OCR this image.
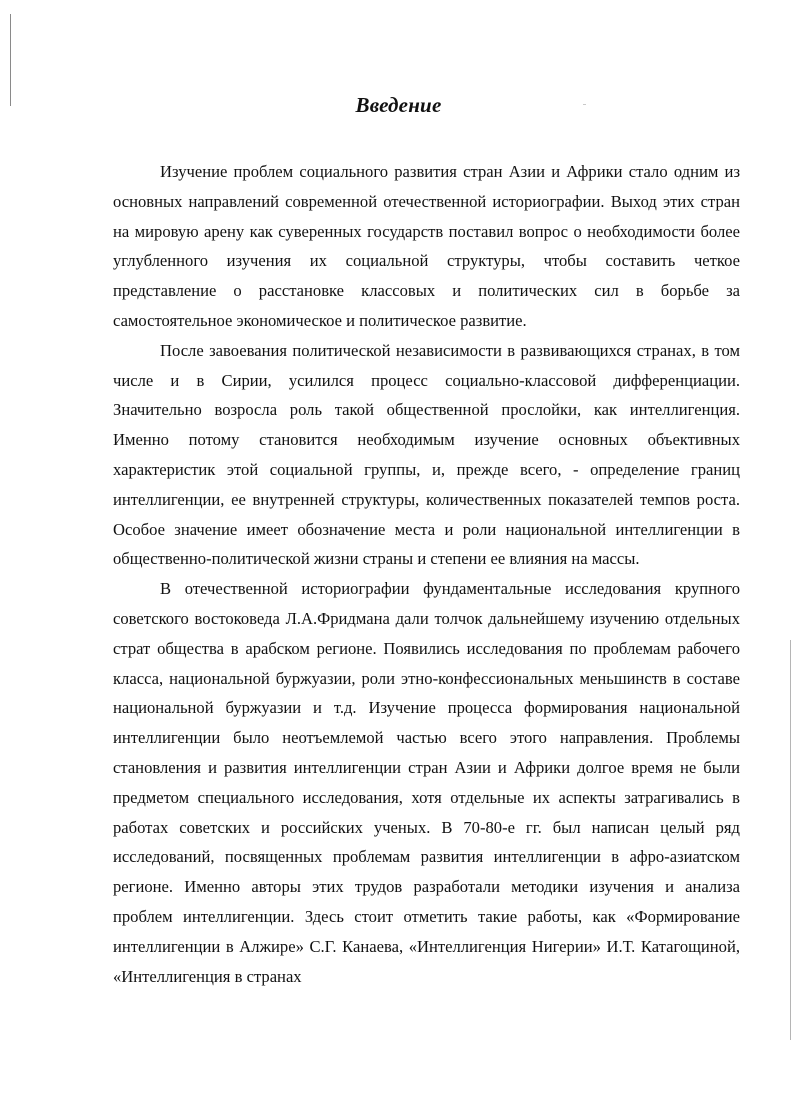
Введение

Изучение проблем социального развития стран Азии и Африки стало одним из основных направлений современной отечественной историографии. Выход этих стран на мировую арену как суверенных государств поставил вопрос о необходимости более углубленного изучения их социальной структуры, чтобы составить четкое представление о расстановке классовых и политических сил в борьбе за самостоятельное экономическое и политическое развитие.

После завоевания политической независимости в развивающихся странах, в том числе и в Сирии, усилился процесс социально-классовой дифференциации. Значительно возросла роль такой общественной прослойки, как интеллигенция. Именно потому становится необходимым изучение основных объективных характеристик этой социальной группы, и, прежде всего, - определение границ интеллигенции, ее внутренней структуры, количественных показателей темпов роста. Особое значение имеет обозначение места и роли национальной интеллигенции в общественно-политической жизни страны и степени ее влияния на массы.

В отечественной историографии фундаментальные исследования крупного советского востоковеда Л.А.Фридмана дали толчок дальнейшему изучению отдельных страт общества в арабском регионе. Появились исследования по проблемам рабочего класса, национальной буржуазии, роли этно-конфессиональных меньшинств в составе национальной буржуазии и т.д. Изучение процесса формирования национальной интеллигенции было неотъемлемой частью всего этого направления. Проблемы становления и развития интеллигенции стран Азии и Африки долгое время не были предметом специального исследования, хотя отдельные их аспекты затрагивались в работах советских и российских ученых. В 70-80-е гг. был написан целый ряд исследований, посвященных проблемам развития интеллигенции в афро-азиатском регионе. Именно авторы этих трудов разработали методики изучения и анализа проблем интеллигенции. Здесь стоит отметить такие работы, как «Формирование интеллигенции в Алжире» С.Г. Канаева, «Интеллигенция Нигерии» И.Т. Катагощиной, «Интеллигенция в странах
